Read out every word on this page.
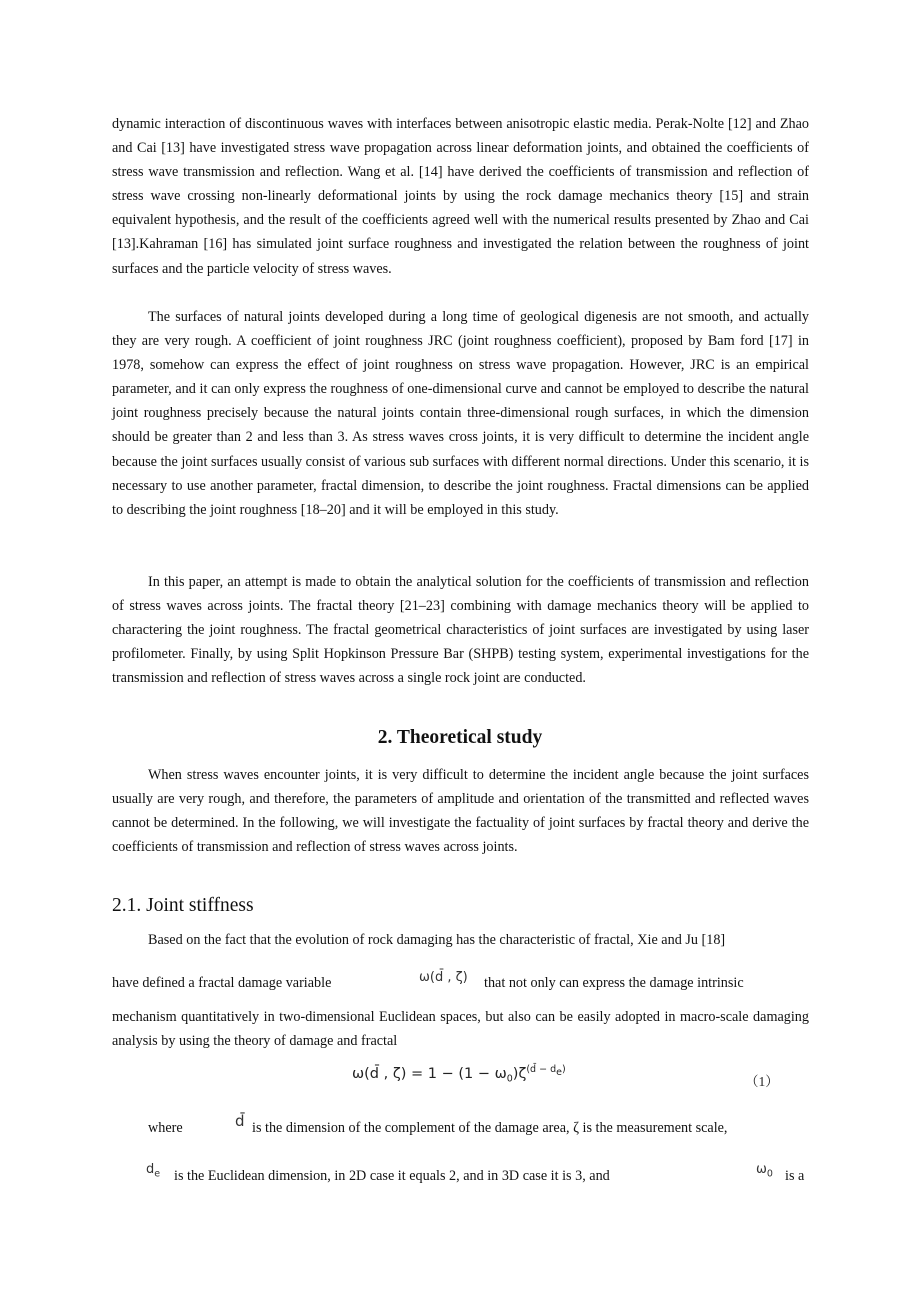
dynamic interaction of discontinuous waves with interfaces between anisotropic elastic media. Perak-Nolte [12] and Zhao and Cai [13] have investigated stress wave propagation across linear deformation joints, and obtained the coefficients of stress wave transmission and reflection. Wang et al. [14] have derived the coefficients of transmission and reflection of stress wave crossing non-linearly deformational joints by using the rock damage mechanics theory [15] and strain equivalent hypothesis, and the result of the coefficients agreed well with the numerical results presented by Zhao and Cai [13].Kahraman [16] has simulated joint surface roughness and investigated the relation between the roughness of joint surfaces and the particle velocity of stress waves.

The surfaces of natural joints developed during a long time of geological digenesis are not smooth, and actually they are very rough. A coefficient of joint roughness JRC (joint roughness coefficient), proposed by Bam ford [17] in 1978, somehow can express the effect of joint roughness on stress wave propagation. However, JRC is an empirical parameter, and it can only express the roughness of one-dimensional curve and cannot be employed to describe the natural joint roughness precisely because the natural joints contain three-dimensional rough surfaces, in which the dimension should be greater than 2 and less than 3. As stress waves cross joints, it is very difficult to determine the incident angle because the joint surfaces usually consist of various sub surfaces with different normal directions. Under this scenario, it is necessary to use another parameter, fractal dimension, to describe the joint roughness. Fractal dimensions can be applied to describing the joint roughness [18–20] and it will be employed in this study.

In this paper, an attempt is made to obtain the analytical solution for the coefficients of transmission and reflection of stress waves across joints. The fractal theory [21–23] combining with damage mechanics theory will be applied to charactering the joint roughness. The fractal geometrical characteristics of joint surfaces are investigated by using laser profilometer. Finally, by using Split Hopkinson Pressure Bar (SHPB) testing system, experimental investigations for the transmission and reflection of stress waves across a single rock joint are conducted.

2. Theoretical study

When stress waves encounter joints, it is very difficult to determine the incident angle because the joint surfaces usually are very rough, and therefore, the parameters of amplitude and orientation of the transmitted and reflected waves cannot be determined. In the following, we will investigate the factuality of joint surfaces by fractal theory and derive the coefficients of transmission and reflection of stress waves across joints.

2.1. Joint stiffness

Based on the fact that the evolution of rock damaging has the characteristic of fractal, Xie and Ju [18]

have defined a fractal damage variable	ω(d̄ , ζ) that not only can express the damage intrinsic

mechanism quantitatively in two-dimensional Euclidean spaces, but also can be easily adopted in macro-scale damaging analysis by using the theory of damage and fractal

ω(d̄ , $\zeta) = 1 - (1 - \omega_0)\zeta^{(d̄ - d_e)}$
（1）

where	d̄ is the dimension of the complement of the damage area, ζ is the measurement scale,

$d_e$ is the Euclidean dimension, in 2D case it equals 2, and in 3D case it is 3, and	$\omega_0$ is a
